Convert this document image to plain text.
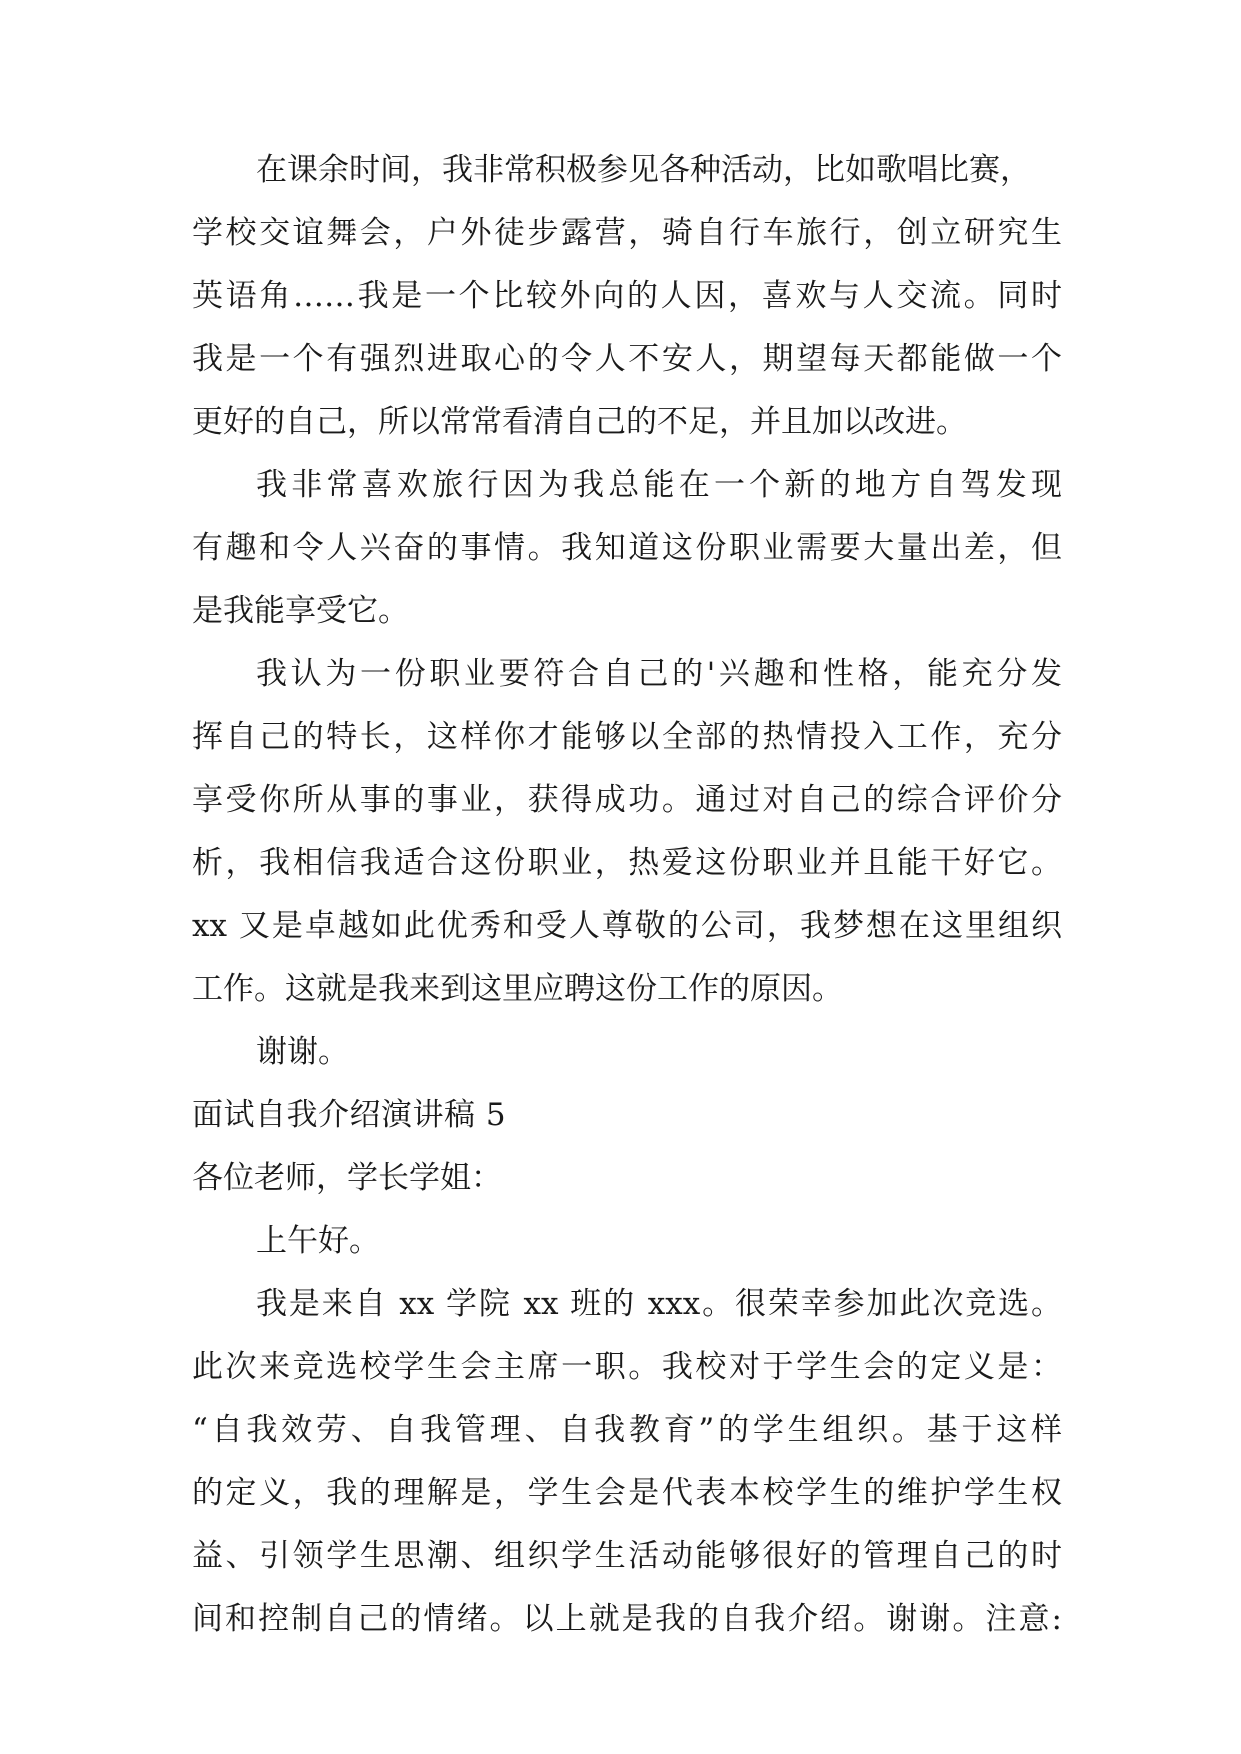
在课余时间，我非常积极参见各种活动，比如歌唱比赛，
学校交谊舞会，户外徒步露营，骑自行车旅行，创立研究生
英语角……我是一个比较外向的人因，喜欢与人交流。同时
我是一个有强烈进取心的令人不安人，期望每天都能做一个
更好的自己，所以常常看清自己的不足，并且加以改进。
我非常喜欢旅行因为我总能在一个新的地方自驾发现
有趣和令人兴奋的事情。我知道这份职业需要大量出差，但
是我能享受它。
我认为一份职业要符合自己的'兴趣和性格，能充分发
挥自己的特长，这样你才能够以全部的热情投入工作，充分
享受你所从事的事业，获得成功。通过对自己的综合评价分
析，我相信我适合这份职业，热爱这份职业并且能干好它。
xx 又是卓越如此优秀和受人尊敬的公司，我梦想在这里组织
工作。这就是我来到这里应聘这份工作的原因。
谢谢。
面试自我介绍演讲稿 5
各位老师，学长学姐：
上午好。
我是来自 xx 学院 xx 班的 xxx。很荣幸参加此次竞选。
此次来竞选校学生会主席一职。我校对于学生会的定义是：
“自我效劳、自我管理、自我教育”的学生组织。基于这样
的定义，我的理解是，学生会是代表本校学生的维护学生权
益、引领学生思潮、组织学生活动能够很好的管理自己的时
间和控制自己的情绪。以上就是我的自我介绍。谢谢。注意:
